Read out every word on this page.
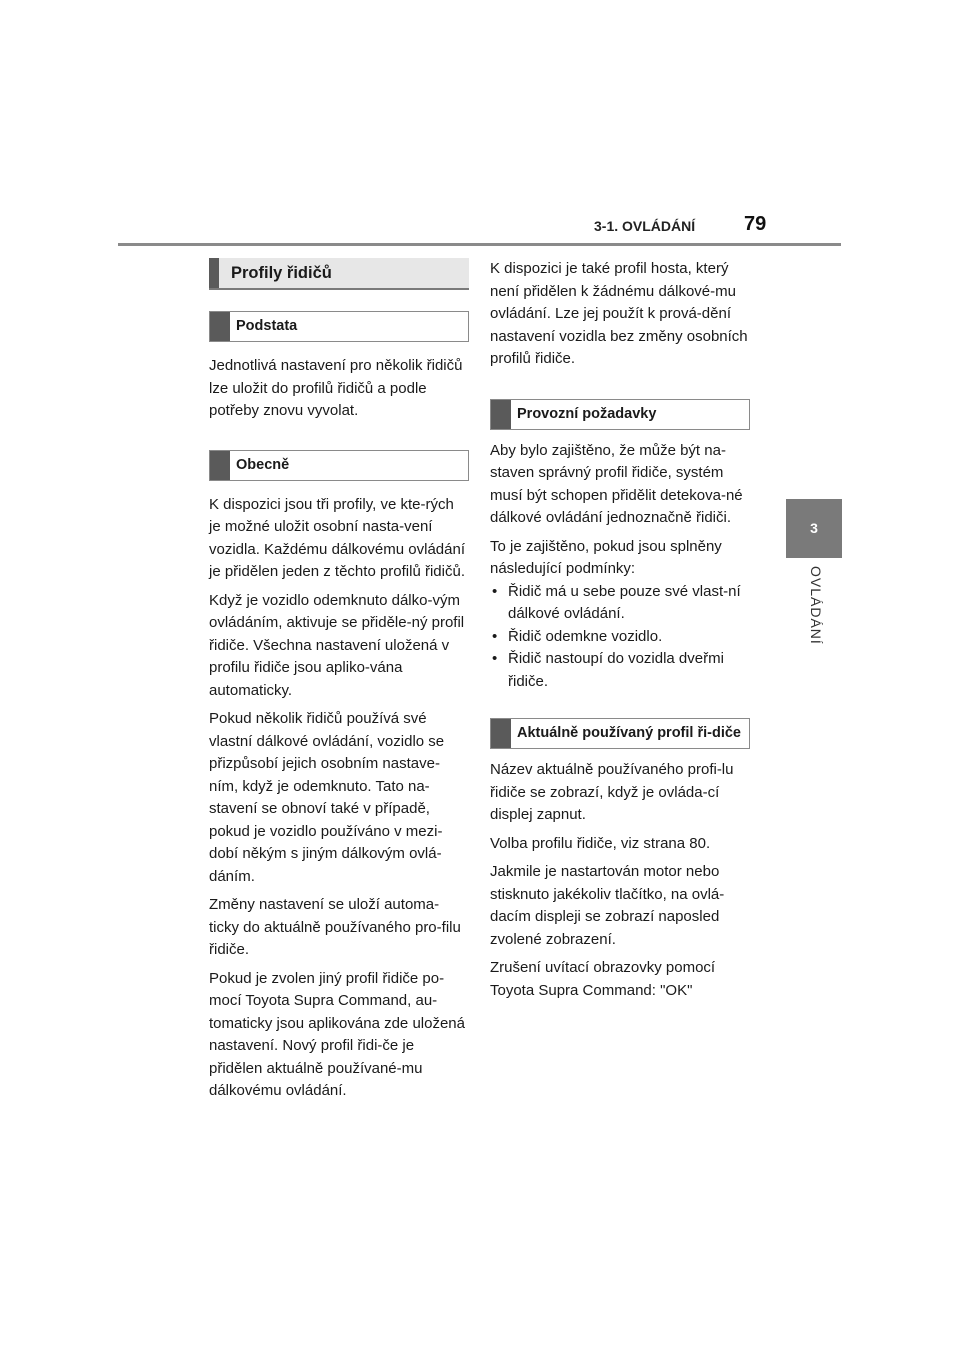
3-1. OVLÁDÁNÍ 79
3
OVLÁDÁNÍ
Profily řidičů
Podstata

Jednotlivá nastavení pro několik řidičů lze uložit do profilů řidičů a podle potřeby znovu vyvolat.

Obecně

K dispozici jsou tři profily, ve kte-rých je možné uložit osobní nasta-vení vozidla. Každému dálkovému ovládání je přidělen jeden z těchto profilů řidičů.

Když je vozidlo odemknuto dálko-vým ovládáním, aktivuje se přiděle-ný profil řidiče. Všechna nastavení uložená v profilu řidiče jsou apliko-vána automaticky.

Pokud několik řidičů používá své vlastní dálkové ovládání, vozidlo se přizpůsobí jejich osobním nastave-ním, když je odemknuto. Tato na-stavení se obnoví také v případě, pokud je vozidlo používáno v mezi-dobí někým s jiným dálkovým ovlá-dáním.

Změny nastavení se uloží automa-ticky do aktuálně používaného pro-filu řidiče.

Pokud je zvolen jiný profil řidiče po-mocí Toyota Supra Command, au-tomaticky jsou aplikována zde uložená nastavení. Nový profil řidi-če je přidělen aktuálně používané-mu dálkovému ovládání.

K dispozici je také profil hosta, který není přidělen k žádnému dálkové-mu ovládání. Lze jej použít k prová-dění nastavení vozidla bez změny osobních profilů řidiče.

Provozní požadavky

Aby bylo zajištěno, že může být na-staven správný profil řidiče, systém musí být schopen přidělit detekova-né dálkové ovládání jednoznačně řidiči.

To je zajištěno, pokud jsou splněny následující podmínky:

• Řidič má u sebe pouze své vlast-ní dálkové ovládání.
• Řidič odemkne vozidlo.
• Řidič nastoupí do vozidla dveřmi řidiče.
Aktuálně používaný profil ři-diče

Název aktuálně používaného profi-lu řidiče se zobrazí, když je ovláda-cí displej zapnut.

Volba profilu řidiče, viz strana 80.

Jakmile je nastartován motor nebo stisknuto jakékoliv tlačítko, na ovlá-dacím displeji se zobrazí naposled zvolené zobrazení.

Zrušení uvítací obrazovky pomocí Toyota Supra Command: "OK"
